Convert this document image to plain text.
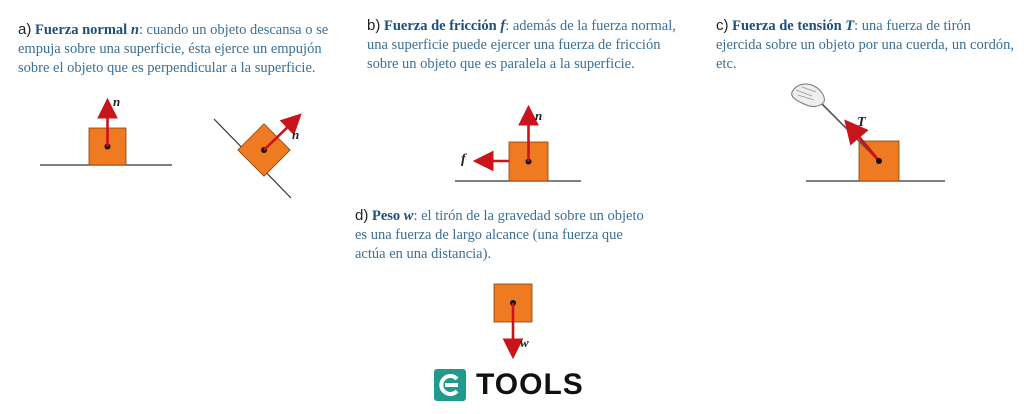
a) Fuerza normal n: cuando un objeto descansa o se empuja sobre una superficie, ésta ejerce un empujón sobre el objeto que es perpendicular a la superficie.
b) Fuerza de fricción f: además de la fuerza normal, una superficie puede ejercer una fuerza de fricción sobre un objeto que es paralela a la superficie.
c) Fuerza de tensión T: una fuerza de tirón ejercida sobre un objeto por una cuerda, un cordón, etc.
d) Peso w: el tirón de la gravedad sobre un objeto es una fuerza de largo alcance (una fuerza que actúa en una distancia).
n
n
n
f
T
w
TOOLS
